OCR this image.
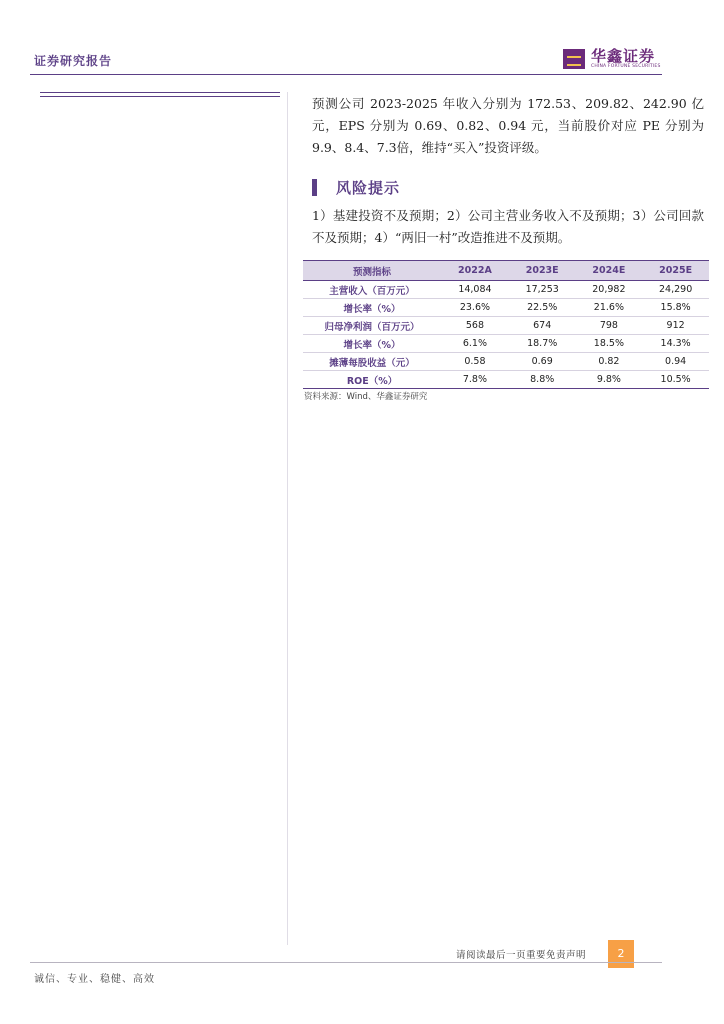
证券研究报告	华鑫证券
CHINA FORTUNE SECURITIES

预测公司 2023-2025 年收入分别为 172.53、209.82、242.90 亿元，EPS 分别为 0.69、0.82、0.94 元，当前股价对应 PE 分别为9.9、8.4、7.3倍，维持“买入”投资评级。

风险提示

1）基建投资不及预期；2）公司主营业务收入不及预期；3）公司回款不及预期；4）“两旧一村”改造推进不及预期。

预测指标	2022A	2023E	2024E	2025E
主营收入（百万元）	14,084	17,253	20,982	24,290
增长率（%）	23.6%	22.5%	21.6%	15.8%
归母净利润（百万元）	568	674	798	912
增长率（%）	6.1%	18.7%	18.5%	14.3%
摊薄每股收益（元）	0.58	0.69	0.82	0.94
ROE（%）	7.8%	8.8%	9.8%	10.5%
资料来源：Wind、华鑫证券研究
请阅读最后一页重要免责声明	2
诚信、专业、稳健、高效
